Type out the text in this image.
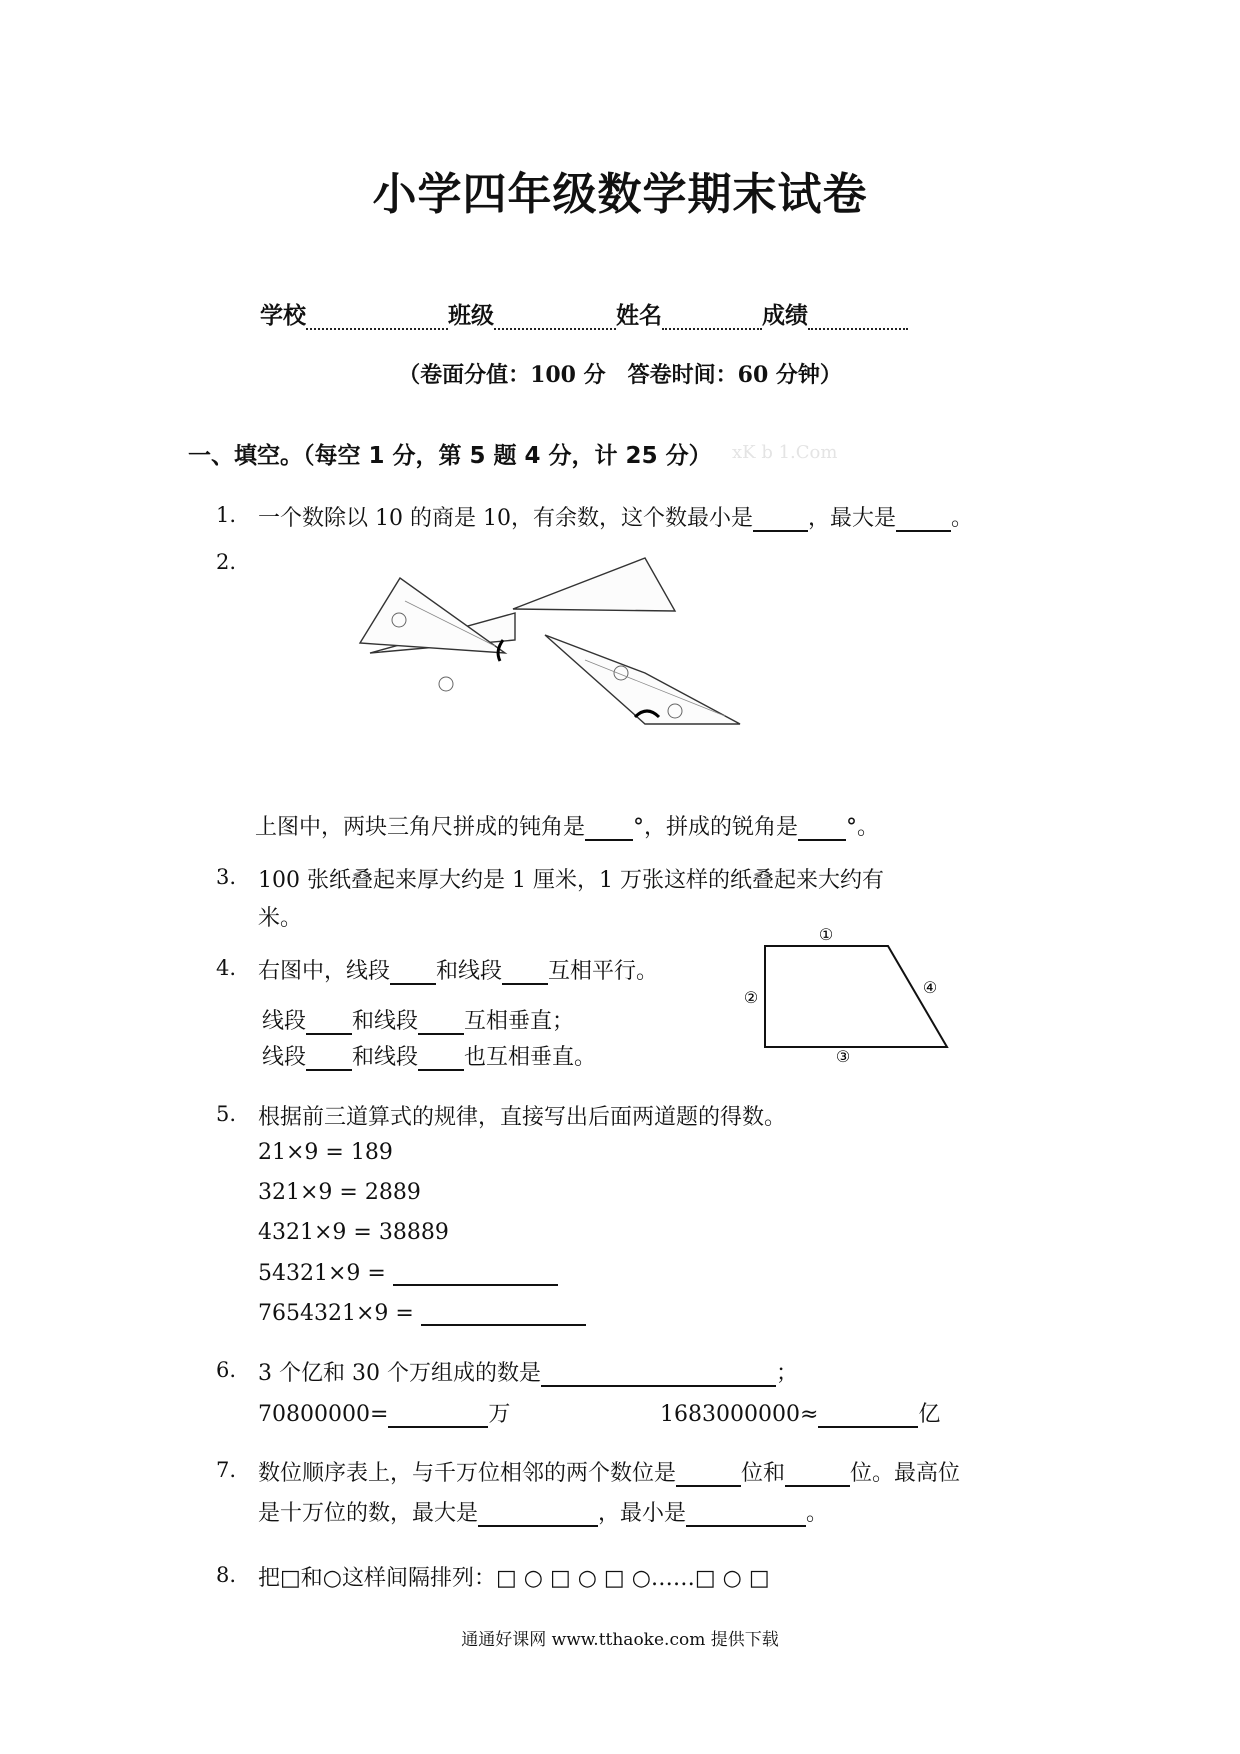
小学四年级数学期末试卷
学校	班级	姓名	成绩
（卷面分值：100 分　答卷时间：60 分钟）
一、填空。（每空 1 分，第 5 题 4 分，计 25 分） xK b 1.Com
1. 一个数除以 10 的商是 10，有余数，这个数最小是	，最大是	。
2.
上图中，两块三角尺拼成的钝角是 °，拼成的锐角是 °。
3. 100 张纸叠起来厚大约是 1 厘米，1 万张这样的纸叠起来大约有
米。
4. 右图中，线段 和线段 互相平行。
线段 和线段 互相垂直；
线段 和线段 也互相垂直。
①
②
③
④
5. 根据前三道算式的规律，直接写出后面两道题的得数。
21×9 = 189
321×9 = 2889
4321×9 = 38889
54321×9 =
7654321×9 =
6. 3 个亿和 30 个万组成的数是	；
70800000=	万	1683000000≈	亿
7. 数位顺序表上，与千万位相邻的两个数位是	位和	位。最高位
是十万位的数，最大是	，最小是	。
8. 把□和○这样间隔排列：□ ○ □ ○ □ ○……□ ○ □
通通好课网 www.tthaoke.com 提供下载
